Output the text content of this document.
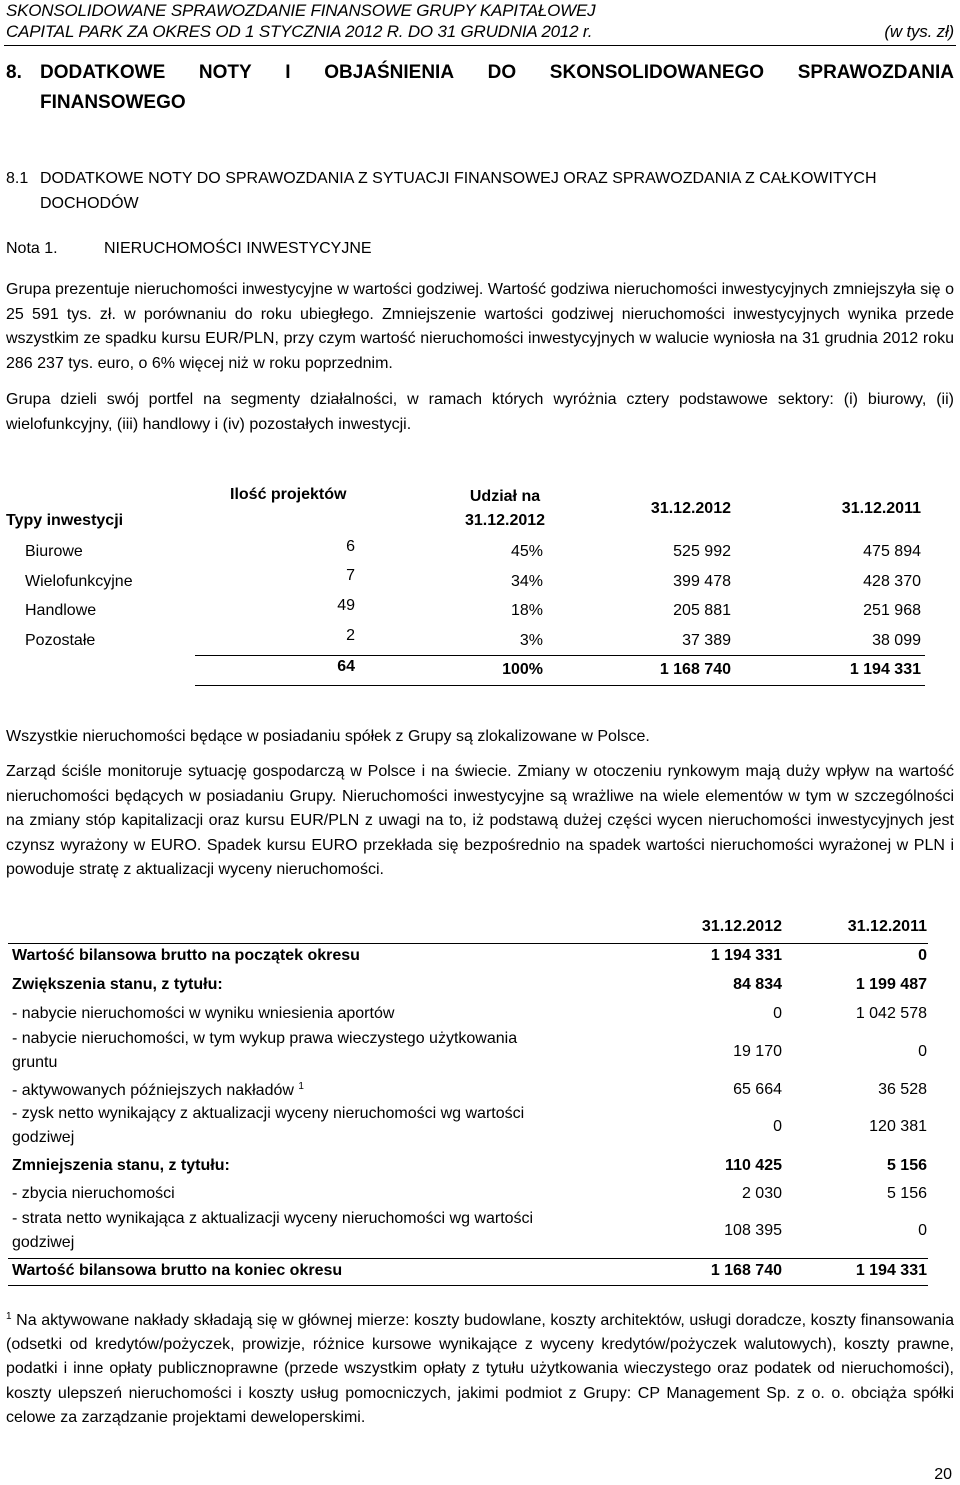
SKONSOLIDOWANE SPRAWOZDANIE FINANSOWE GRUPY KAPITAŁOWEJ
CAPITAL PARK ZA OKRES OD 1 STYCZNIA 2012 R. DO 31 GRUDNIA 2012 r.	(w tys. zł)
8. DODATKOWE NOTY I OBJAŚNIENIA DO SKONSOLIDOWANEGO SPRAWOZDANIA
FINANSOWEGO
8.1 DODATKOWE NOTY DO SPRAWOZDANIA Z SYTUACJI FINANSOWEJ ORAZ SPRAWOZDANIA Z CAŁKOWITYCH
DOCHODÓW
Nota 1.	NIERUCHOMOŚCI INWESTYCYJNE
Grupa prezentuje nieruchomości inwestycyjne w wartości godziwej. Wartość godziwa nieruchomości inwestycyjnych zmniejszyła się o 25 591 tys. zł. w porównaniu do roku ubiegłego. Zmniejszenie wartości godziwej nieruchomości inwestycyjnych wynika przede wszystkim ze spadku kursu EUR/PLN, przy czym wartość nieruchomości inwestycyjnych w walucie wyniosła na 31 grudnia 2012 roku 286 237 tys. euro, o 6% więcej niż w roku poprzednim.
Grupa dzieli swój portfel na segmenty działalności, w ramach których wyróżnia cztery podstawowe sektory: (i) biurowy, (ii) wielofunkcyjny, (iii) handlowy i (iv) pozostałych inwestycji.
Typy inwestycji
Ilość projektów	Udział na
31.12.2012
31.12.2012	31.12.2011
Biurowe	6	45%	525 992	475 894
Wielofunkcyjne	7	34%	399 478	428 370
Handlowe	49	18%	205 881	251 968
Pozostałe	2	3%	37 389	38 099
64	100%	1 168 740	1 194 331
Wszystkie nieruchomości będące w posiadaniu spółek z Grupy są zlokalizowane w Polsce.
Zarząd ściśle monitoruje sytuację gospodarczą w Polsce i na świecie. Zmiany w otoczeniu rynkowym mają duży wpływ na wartość nieruchomości będących w posiadaniu Grupy. Nieruchomości inwestycyjne są wrażliwe na wiele elementów w tym w szczególności na zmiany stóp kapitalizacji oraz kursu EUR/PLN z uwagi na to, iż podstawą dużej części wycen nieruchomości inwestycyjnych jest czynsz wyrażony w EURO. Spadek kursu EURO przekłada się bezpośrednio na spadek wartości nieruchomości wyrażonej w PLN i powoduje stratę z aktualizacji wyceny nieruchomości.
31.12.2012	31.12.2011
Wartość bilansowa brutto na początek okresu	1 194 331	0
Zwiększenia stanu, z tytułu:	84 834	1 199 487
- nabycie nieruchomości w wyniku wniesienia aportów	0	1 042 578
- nabycie nieruchomości, w tym wykup prawa wieczystego użytkowania
gruntu
19 170	0
- aktywowanych późniejszych nakładów $^1$	65 664	36 528
- zysk netto wynikający z aktualizacji wyceny nieruchomości wg wartości
godziwej
0	120 381
Zmniejszenia stanu, z tytułu:	110 425	5 156
- zbycia nieruchomości	2 030	5 156
- strata netto wynikająca z aktualizacji wyceny nieruchomości wg wartości
godziwej
108 395	0
Wartość bilansowa brutto na koniec okresu	1 168 740	1 194 331
$^1$ Na aktywowane nakłady składają się w głównej mierze: koszty budowlane, koszty architektów, usługi doradcze, koszty finansowania (odsetki od kredytów/pożyczek, prowizje, różnice kursowe wynikające z wyceny kredytów/pożyczek walutowych), koszty prawne, podatki i inne opłaty publicznoprawne (przede wszystkim opłaty z tytułu użytkowania wieczystego oraz podatek od nieruchomości), koszty ulepszeń nieruchomości i koszty usług pomocniczych, jakimi podmiot z Grupy: CP Management Sp. z o. o. obciąża spółki celowe za zarządzanie projektami deweloperskimi.
20
